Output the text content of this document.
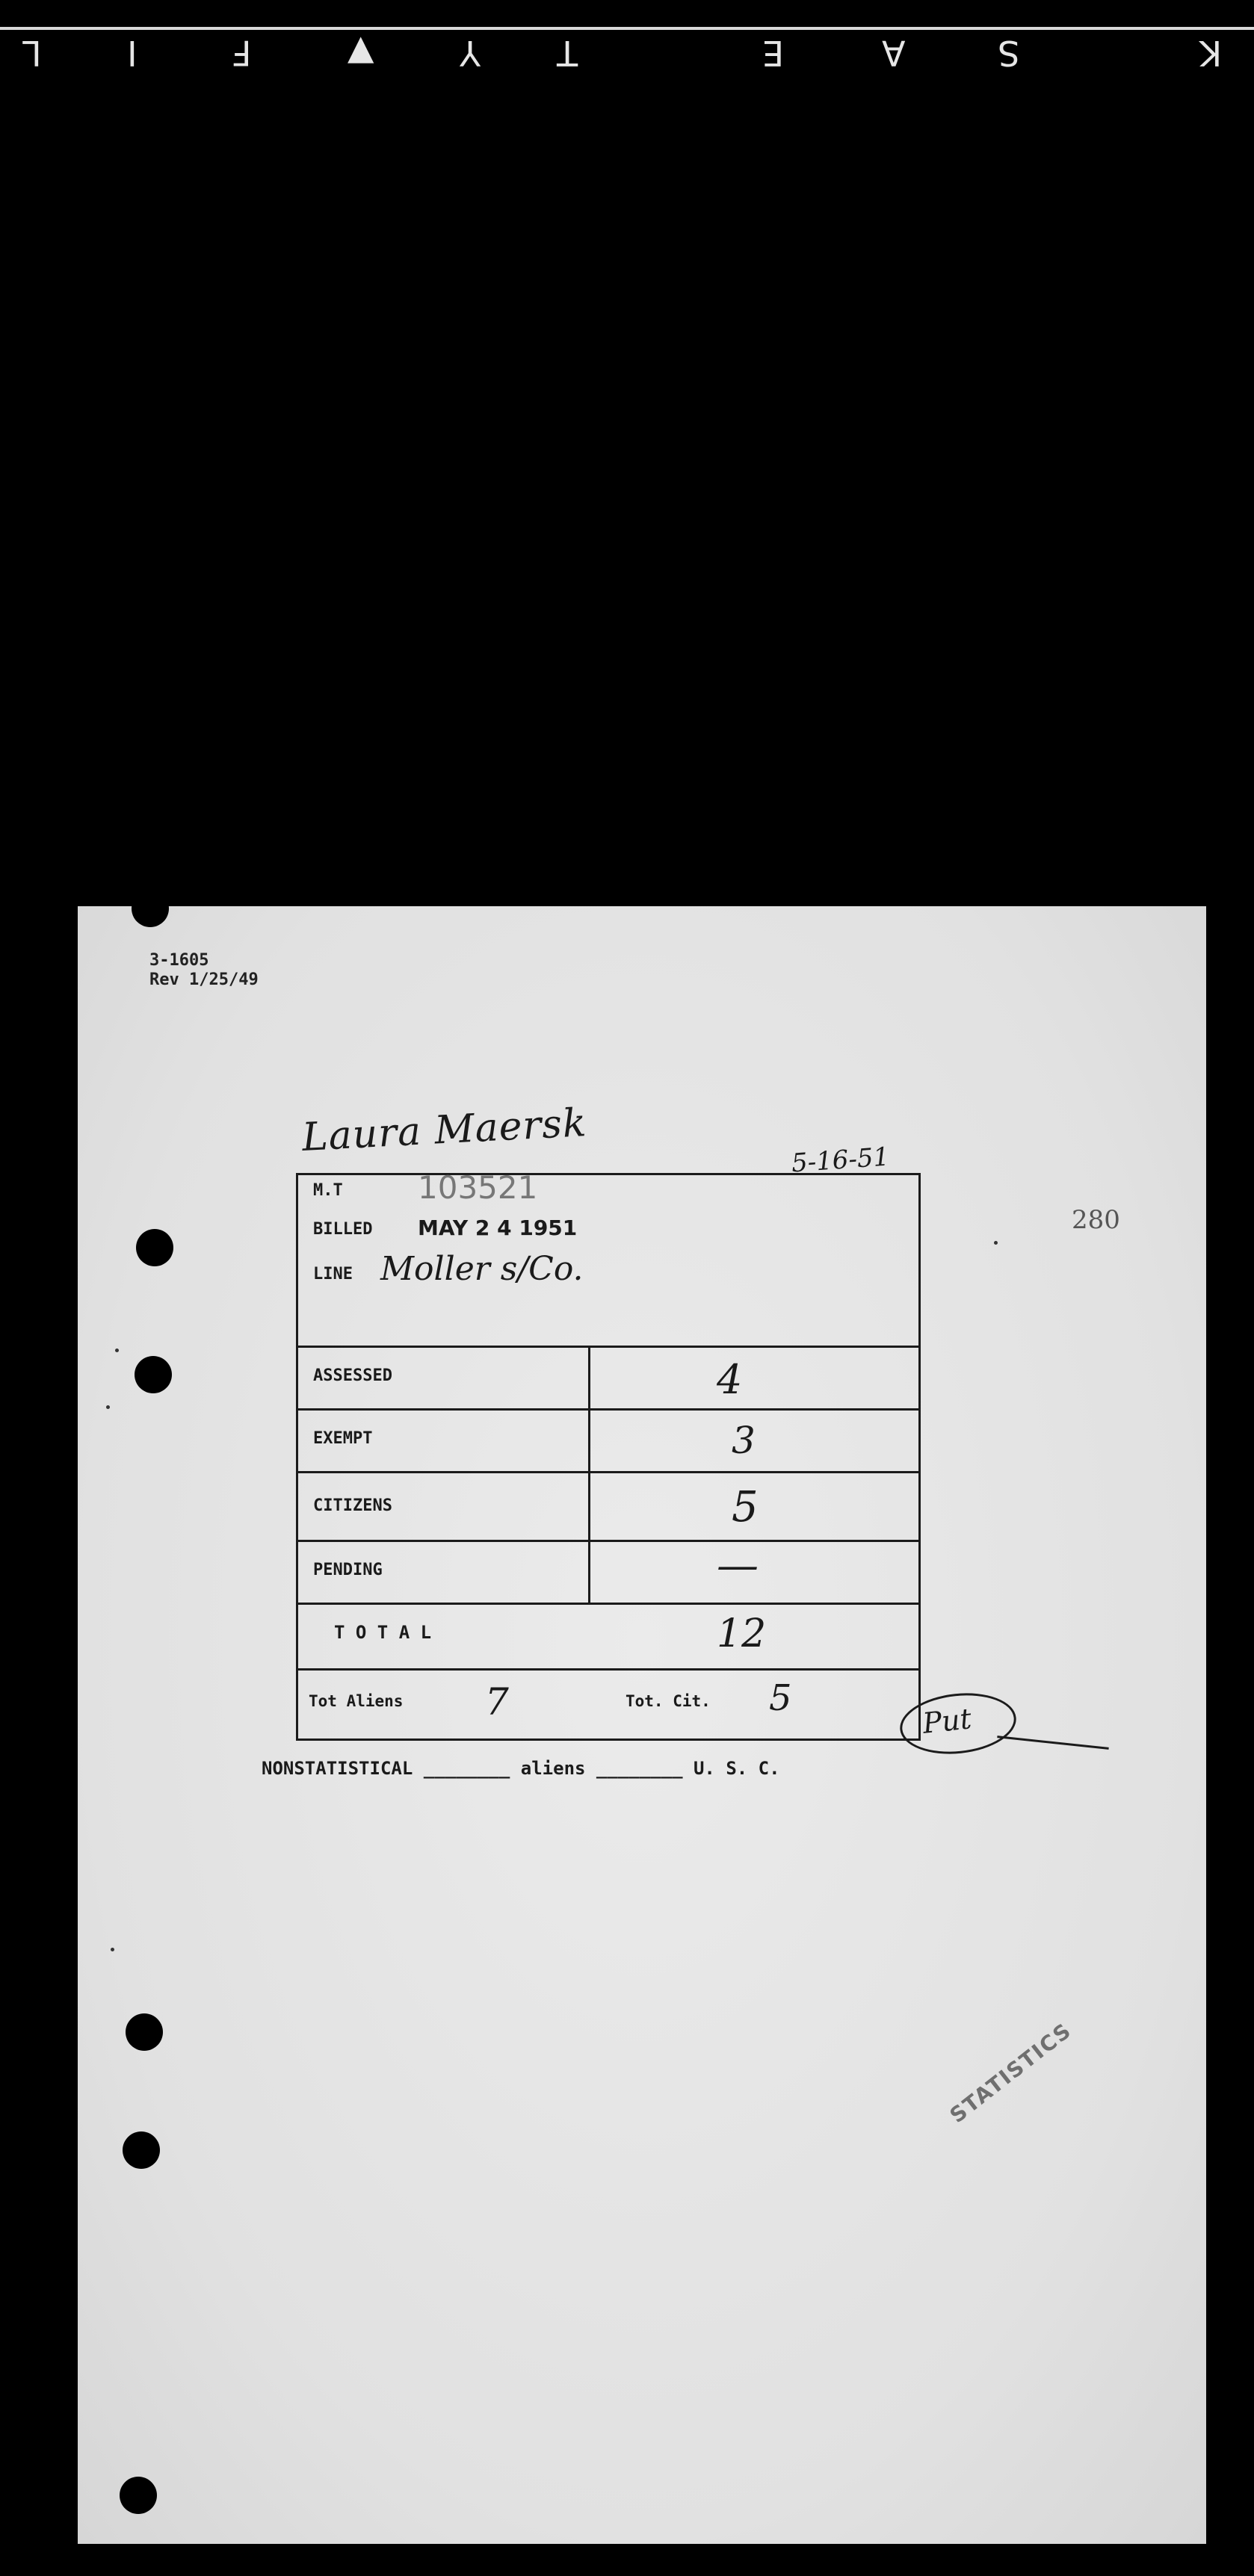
K
S
A
E
T
Y
▼
F
I
L
3-1605
Rev 1/25/49
Laura Maersk
5-16-51
280
M.T 103521
BILLED MAY 2 4 1951
LINE Moller s/Co.
ASSESSED	4
EXEMPT	3
CITIZENS	5
PENDING	—
T O T A L	12
Tot Aliens 7	Tot. Cit. 5
Put
NONSTATISTICAL ________ aliens ________ U. S. C.
STATISTICS
